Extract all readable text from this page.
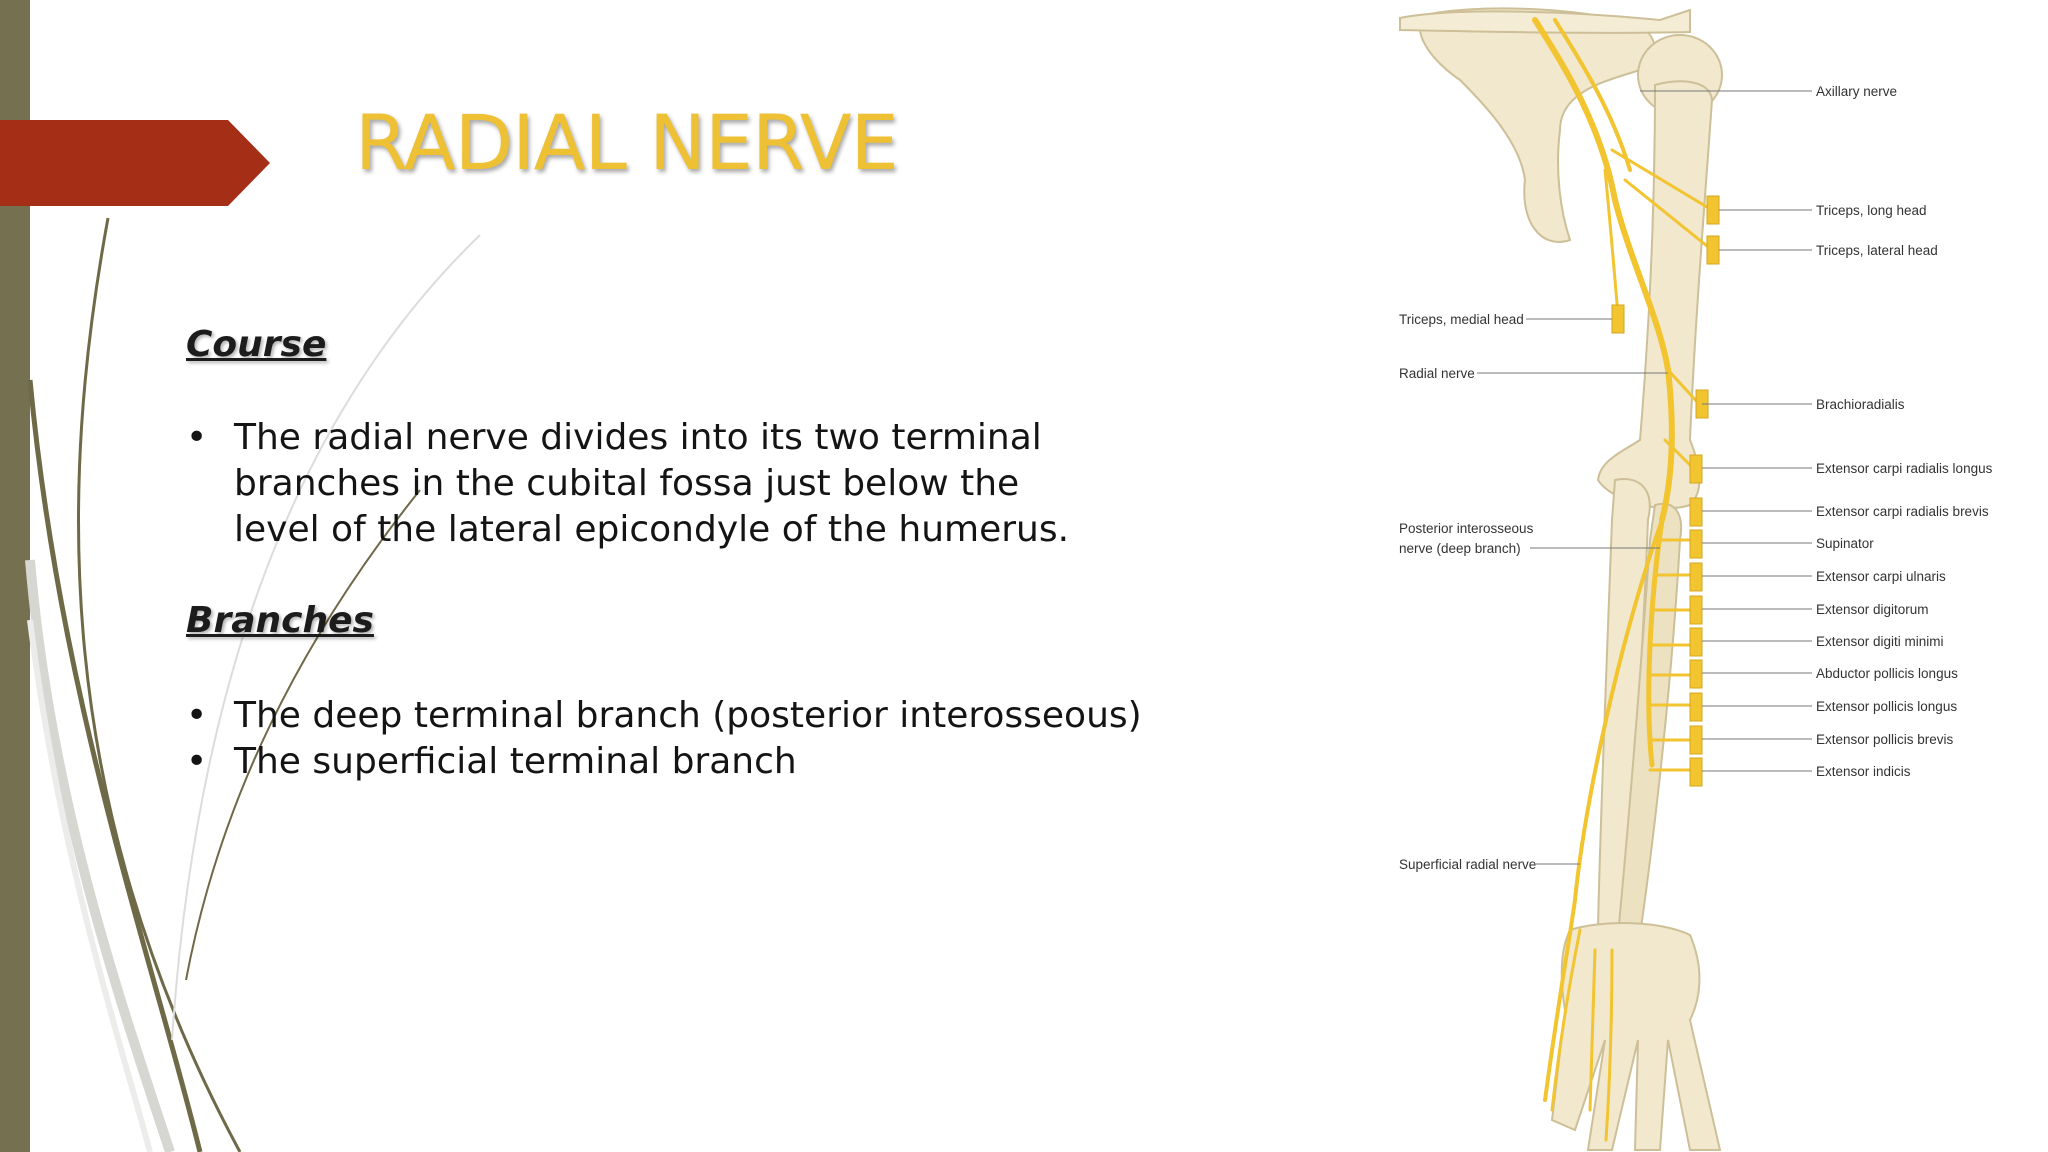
RADIAL NERVE
Course
• The radial nerve divides into its two terminal branches in the cubital fossa just below the level of the lateral epicondyle of the humerus.
Branches
• The deep terminal branch (posterior interosseous)
• The superficial terminal branch
Axillary nerve
Triceps, long head
Triceps, lateral head
Brachioradialis
Extensor carpi radialis longus
Extensor carpi radialis brevis
Supinator
Extensor carpi ulnaris
Extensor digitorum
Extensor digiti minimi
Abductor pollicis longus
Extensor pollicis longus
Extensor pollicis brevis
Extensor indicis
Triceps, medial head
Radial nerve
Posterior interosseous
nerve (deep branch)
Superficial radial nerve
